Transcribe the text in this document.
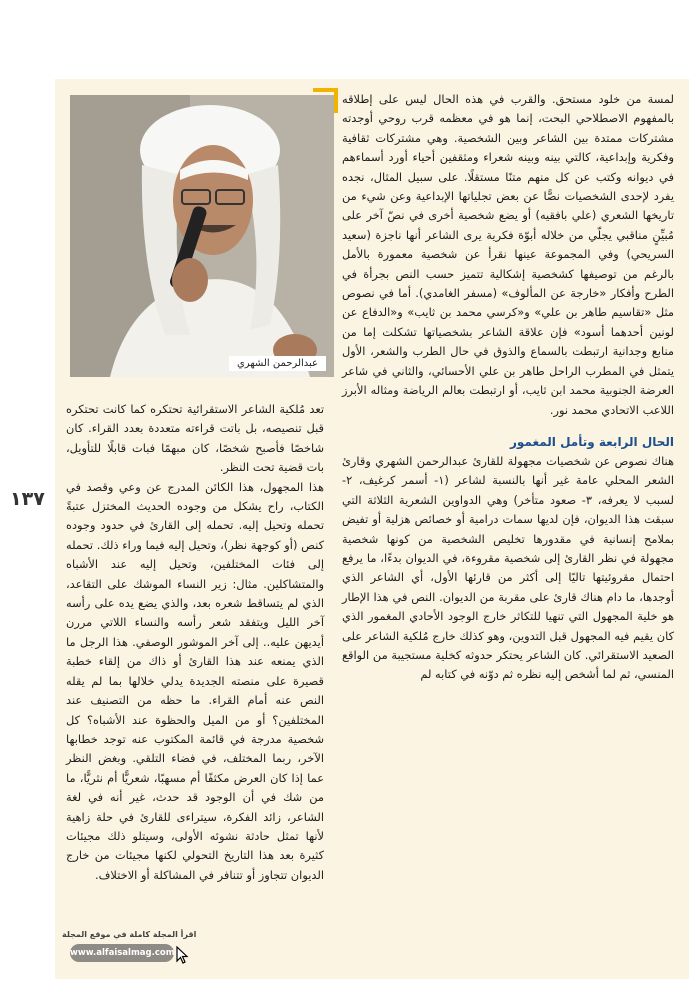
عبدالرحمن الشهري

لمسة من خلود مستحق. والقرب في هذه الحال ليس على إطلاقه بالمفهوم الاصطلاحي البحت، إنما هو في معظمه قرب روحي أوجدته مشتركات ممتدة بين الشاعر وبين الشخصية. وهي مشتركات ثقافية وفكرية وإبداعية، كالتي بينه وبينه شعراء ومثقفين أحياء أورد أسماءهم في ديوانه وكتب عن كل منهم متنًا مستقلًا. على سبيل المثال، نجده يفرد لإحدى الشخصيات نصًّا عن بعض تجلياتها الإبداعية وعن شيء من تاريخها الشعري (علي بافقيه) أو يضع شخصية أخرى في نصّ آخر على مُبيِّنٍ مناقبي يجلّي من خلاله أبوّة فكرية يرى الشاعر أنها ناجزة (سعيد السريحي) وفي المجموعة عينها نقرأ عن شخصية معمورة بالأمل بالرغم من توصيفها كشخصية إشكالية تتميز حسب النص بجرأة في الطرح وأفكار «خارجة عن المألوف» (مسفر الغامدي). أما في نصوص مثل «تقاسيم طاهر بن علي» و«كرسي محمد بن ثايب» و«الدفاع عن لونين أحدهما أسود» فإن علاقة الشاعر بشخصياتها تشكلت إما من منابع وجدانية ارتبطت بالسماع والذوق في حال الطرب والشعر، الأول يتمثل في المطرب الراحل طاهر بن علي الأحسائي، والثاني في شاعر العرضة الجنوبية محمد ابن ثايب، أو ارتبطت بعالم الرياضة ومثاله الأبرز اللاعب الاتحادي محمد نور.

الحال الرابعة وتأمل المغمور

هناك نصوص عن شخصيات مجهولة للقارئ عبدالرحمن الشهري وقارئ الشعر المحلي عامة غير أنها بالنسبة لشاعر (١- أسمر كرغيف، ٢- لسبب لا يعرفه، ٣- صعود متأخر) وهي الدواوين الشعرية الثلاثة التي سبقت هذا الديوان، فإن لديها سمات درامية أو خصائص هزلية أو تفيض بملامح إنسانية في مقدورها تخليص الشخصية من كونها شخصية مجهولة في نظر القارئ إلى شخصية مقروءة، في الديوان بدءًا، ما يرفع احتمال مقروئيتها تاليًا إلى أكثر من قارئها الأول، أي الشاعر الذي أوجدها، ما دام هناك قارئ على مقربة من الديوان. النص في هذا الإطار هو خلية المجهول التي تنهيا للتكاثر خارج الوجود الأحادي المغمور الذي كان يقيم فيه المجهول قبل التدوين، وهو كذلك خارج مُلكية الشاعر على الصعيد الاستقرائي. كان الشاعر يحتكر حدوثه كخلية مستجيبة من الواقع المنسي، ثم لما أشخص إليه نظره ثم دوّنه في كتابه لم

تعد مُلكية الشاعر الاستقرائية تحتكره كما كانت تحتكره قبل تنصيصه، بل باتت قراءته متعددة بعدد القراء. كان شاخصًا فأصبح شخصًا، كان مبهمًا فبات قابلًا للتأويل، بات قضية تحت النظر.

هذا المجهول، هذا الكائن المدرج عن وعي وقصد في الكتاب، راح يشكل من وجوده الحديث المختزل عتبةً تحمله وتحيل إليه. تحمله إلى القارئ في حدود وجوده كنص (أو كوجهة نظر)، وتحيل إليه فيما وراء ذلك. تحمله إلى فئات المختلفين، وتحيل إليه عند الأشباه والمتشاكلين. مثال: زير النساء الموشك على التقاعد، الذي لم يتساقط شعره بعد، والذي يضع يده على رأسه آخر الليل ويتفقد شعر رأسه والنساء اللاتي مررن أيديهن عليه.. إلى آخر الموشور الوصفي. هذا الرجل ما الذي يمنعه عند هذا القارئ أو ذاك من إلقاء خطبة قصيرة على منصته الجديدة يدلي خلالها بما لم يقله النص عنه أمام القراء. ما حظه من التصنيف عند المختلفين؟ أو من الميل والحظوة عند الأشباه؟ كل شخصية مدرجة في قائمة المكتوب عنه توجد خطابها الآخر، ربما المختلف، في فضاء التلقي. وبغض النظر عما إذا كان العرض مكثفًا أم مسهبًا، شعريًّا أم نثريًّا، ما من شك في أن الوجود قد حدث، غير أنه في لغة الشاعر، زائد الفكرة، سيتراءى للقارئ في حلة زاهية لأنها تمثل حادثة نشوئه الأولى، وسيتلو ذلك مجيئات كثيرة بعد هذا التاريخ التحولي لكنها مجيئات من خارج الديوان تتجاوز أو تتنافر في المشاكلة أو الاختلاف.

١٣٧
اقرأ المجلة كاملة في موقع المجلة
www.alfaisalmag.com
